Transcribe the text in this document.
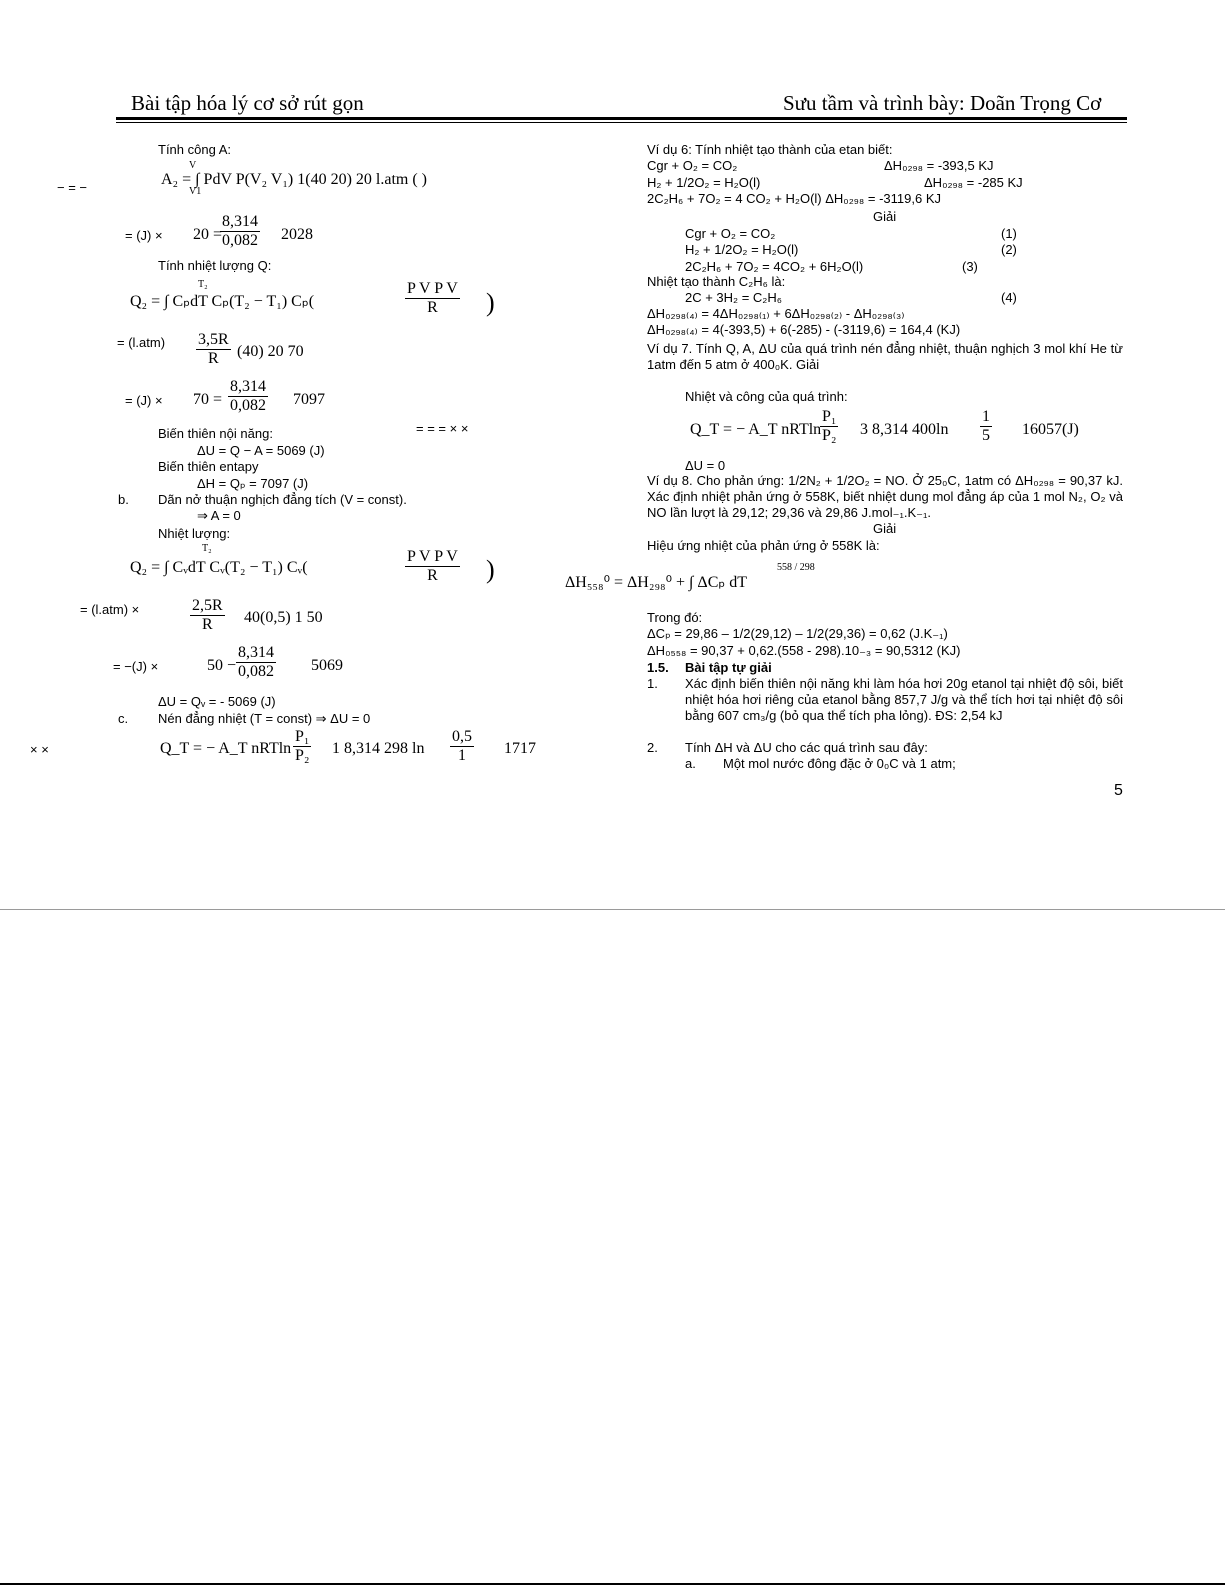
Bài tập hóa lý cơ sở rút gọn	Sưu tầm và trình bày: Doãn Trọng Cơ
Tính công A:
V
A₂ = ∫ PdV P(V₂ V₁) 1(40 20) 20 l.atm ( )
V1
− = −
= (J) × 20 =
$\frac{8,314}{0,082} 2028$
Tính nhiệt lượng Q:
T₂
Q₂ = ∫ CₚdT Cₚ(T₂ − T₁) Cₚ(	$\frac{\text{P V P V}}{R}$ )
= $(l.atm) \frac{3,5R}{R} (40)$ 20 70
= $(J) \times 70 = \frac{8,314}{0,082} 7097$
Biến thiên nội năng:
ΔU = Q − A = 5069 (J)
Biến thiên entapy
ΔH = Qₚ = 7097 (J)
b. Dãn nở thuận nghịch đẳng tích (V = const).
⇒ A = 0
Nhiệt lượng:
T₂
Q₂ = ∫ CᵥdT Cᵥ(T₂ − T₁) Cᵥ(	$\frac{\text{P V P V}}{R}$ )
= (l.atm) ×	$\frac{2,5R}{R} 40(0,5)$ 1 50
= −(J) ×	$50 - \frac{8,314}{0,082} 5069$
ΔU = Qᵥ = - 5069 (J)
c. Nén đẳng nhiệt (T = const) ⇒ ΔU = 0
× ×	Q_T = − A_T nRTln $\frac{\text{P₁}}{\text{P₂}} 1$ 8,314 298 $\ln \frac{0,5}{1} 1717$
Ví dụ 6: Tính nhiệt tạo thành của etan biết:
Cgr + O₂ = CO₂	ΔH₀₂₉₈ = -393,5 KJ
H₂ + 1/2O₂ = H₂O(l)	ΔH₀₂₉₈ = -285 KJ
2C₂H₆ + 7O₂ = 4 CO₂ + H₂O(l) ΔH₀₂₉₈ = -3119,6 KJ
Giải
Cgr + O₂ = CO₂	(1)
H₂ + 1/2O₂ = H₂O(l)	(2)
2C₂H₆ + 7O₂ = 4CO₂ + 6H₂O(l)	(3)
Nhiệt tạo thành C₂H₆ là:
2C + 3H₂ = C₂H₆	(4)
ΔH₀₂₉₈₍₄₎ = 4ΔH₀₂₉₈₍₁₎ + 6ΔH₀₂₉₈₍₂₎ - ΔH₀₂₉₈₍₃₎
ΔH₀₂₉₈₍₄₎ = 4(-393,5) + 6(-285) - (-3119,6) = 164,4 (KJ)
Ví dụ 7. Tính Q, A, ΔU của quá trình nén đẳng nhiệt, thuận nghịch 3 mol khí He từ 1atm đến 5 atm ở 400₀K. Giải
Nhiệt và công của quá trình:
= = = × ×	Q_T = − A_T nRTln
$\frac{\text{P₁}}{\text{P₂}} 3$ 8,314 $400\ln \frac{1}{5} 16057(J)$
ΔU = 0
Ví dụ 8. Cho phản ứng: 1/2N₂ + 1/2O₂ = NO. Ở 25₀C, 1atm có ΔH₀₂₉₈ = 90,37 kJ. Xác định nhiệt phản ứng ở 558K, biết nhiệt dung mol đẳng áp của 1 mol N₂, O₂ và NO lần lượt là 29,12; 29,36 và 29,86 J.mol₋₁.K₋₁.
Giải
Hiệu ứng nhiệt của phản ứng ở 558K là:
ΔH₅₅₈⁰ = ΔH₂₉₈⁰ + ∫ ΔCₚ dT
558 / 298
Trong đó:
ΔCₚ = 29,86 – 1/2(29,12) – 1/2(29,36) = 0,62 (J.K₋₁)
ΔH₀₅₅₈ = 90,37 + 0,62.(558 - 298).10₋₃ = 90,5312 (KJ)
1.5. Bài tập tự giải
1. Xác định biến thiên nội năng khi làm hóa hơi 20g etanol tại nhiệt độ sôi, biết nhiệt hóa hơi riêng của etanol bằng 857,7 J/g và thể tích hơi tại nhiệt độ sôi bằng 607 cm₃/g (bỏ qua thể tích pha lỏng). ĐS: 2,54 kJ
2. Tính ΔH và ΔU cho các quá trình sau đây:
a. Một mol nước đông đặc ở 0₀C và 1 atm;
5
